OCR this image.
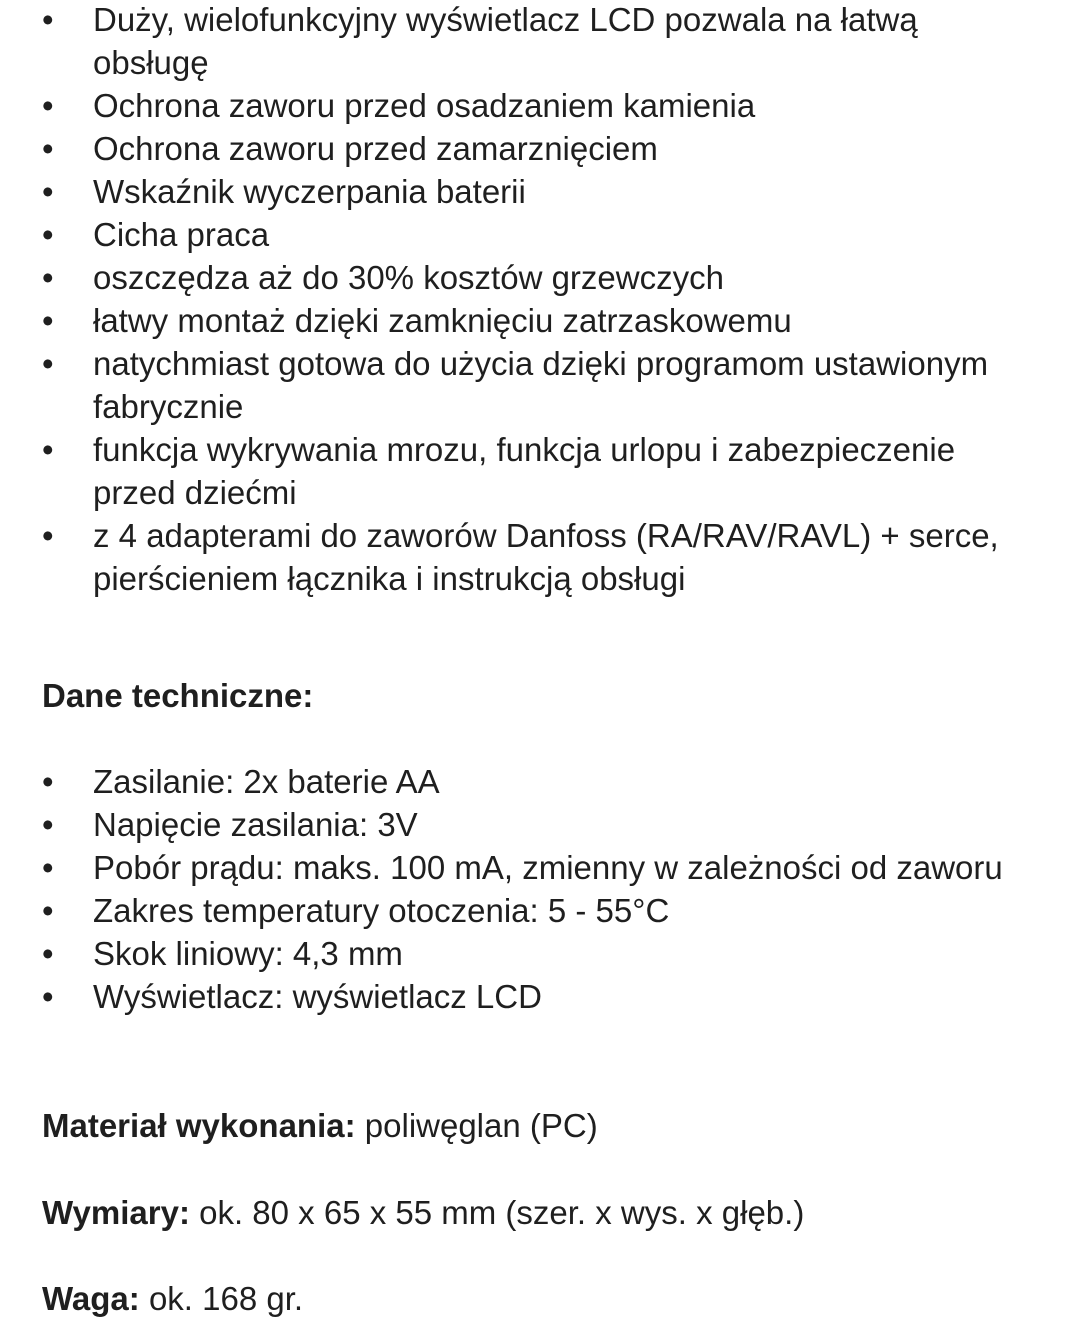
• Duży, wielofunkcyjny wyświetlacz LCD pozwala na łatwą obsługę
• Ochrona zaworu przed osadzaniem kamienia
• Ochrona zaworu przed zamarznięciem
• Wskaźnik wyczerpania baterii
• Cicha praca
• oszczędza aż do 30% kosztów grzewczych
• łatwy montaż dzięki zamknięciu zatrzaskowemu
• natychmiast gotowa do użycia dzięki programom ustawionym fabrycznie
• funkcja wykrywania mrozu, funkcja urlopu i zabezpieczenie przed dziećmi
• z 4 adapterami do zaworów Danfoss (RA/RAV/RAVL) + serce, pierścieniem łącznika i instrukcją obsługi

Dane techniczne:

• Zasilanie: 2x baterie AA
• Napięcie zasilania: 3V
• Pobór prądu: maks. 100 mA, zmienny w zależności od zaworu
• Zakres temperatury otoczenia: 5 - 55°C
• Skok liniowy: 4,3 mm
• Wyświetlacz: wyświetlacz LCD

Materiał wykonania: poliwęglan (PC)

Wymiary: ok. 80 x 65 x 55 mm (szer. x wys. x głęb.)

Waga: ok. 168 gr.
